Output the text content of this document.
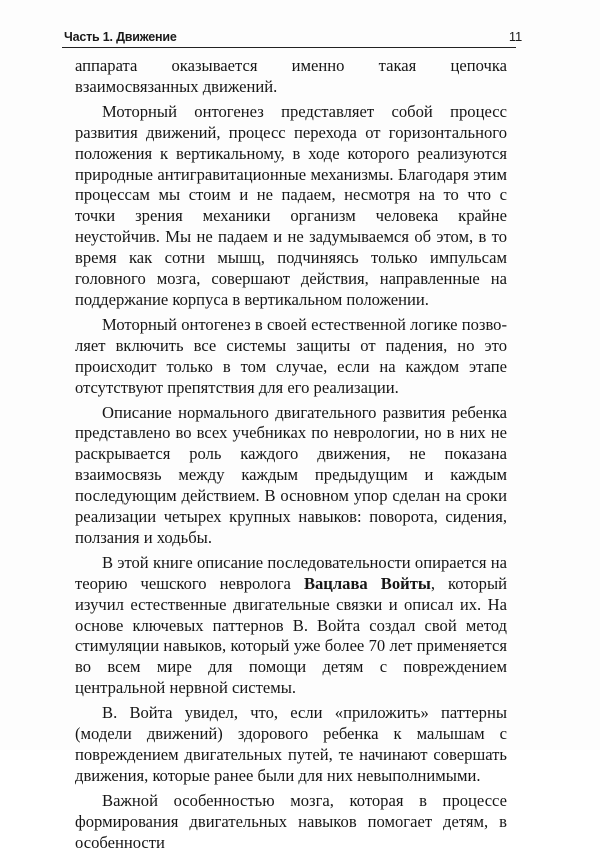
Часть 1. Движение	11

аппарата оказывается именно такая цепочка взаимосвязанных движений.

Моторный онтогенез представляет собой процесс развития движений, процесс перехода от горизонтального положения к вертикальному, в ходе которого реализуются природные антигравитационные механизмы. Благодаря этим процессам мы стоим и не падаем, несмотря на то что с точки зрения механики организм человека крайне неустойчив. Мы не падаем и не задумываемся об этом, в то время как сотни мышц, подчиняясь только импульсам головного мозга, совершают действия, направленные на поддержание корпуса в вертикальном положении.

Моторный онтогенез в своей естественной логике позволяет включить все системы защиты от падения, но это происходит только в том случае, если на каждом этапе отсутствуют препятствия для его реализации.

Описание нормального двигательного развития ребенка представлено во всех учебниках по неврологии, но в них не раскрывается роль каждого движения, не показана взаимосвязь между каждым предыдущим и каждым последующим действием. В основном упор сделан на сроки реализации четырех крупных навыков: поворота, сидения, ползания и ходьбы.

В этой книге описание последовательности опирается на теорию чешского невролога Вацлава Войты, который изучил естественные двигательные связки и описал их. На основе ключевых паттернов В. Войта создал свой метод стимуляции навыков, который уже более 70 лет применяется во всем мире для помощи детям с повреждением центральной нервной системы.

В. Войта увидел, что, если «приложить» паттерны (модели движений) здорового ребенка к малышам с повреждением двигательных путей, те начинают совершать движения, которые ранее были для них невыполнимыми.

Важной особенностью мозга, которая в процессе формирования двигательных навыков помогает детям, в особенности
